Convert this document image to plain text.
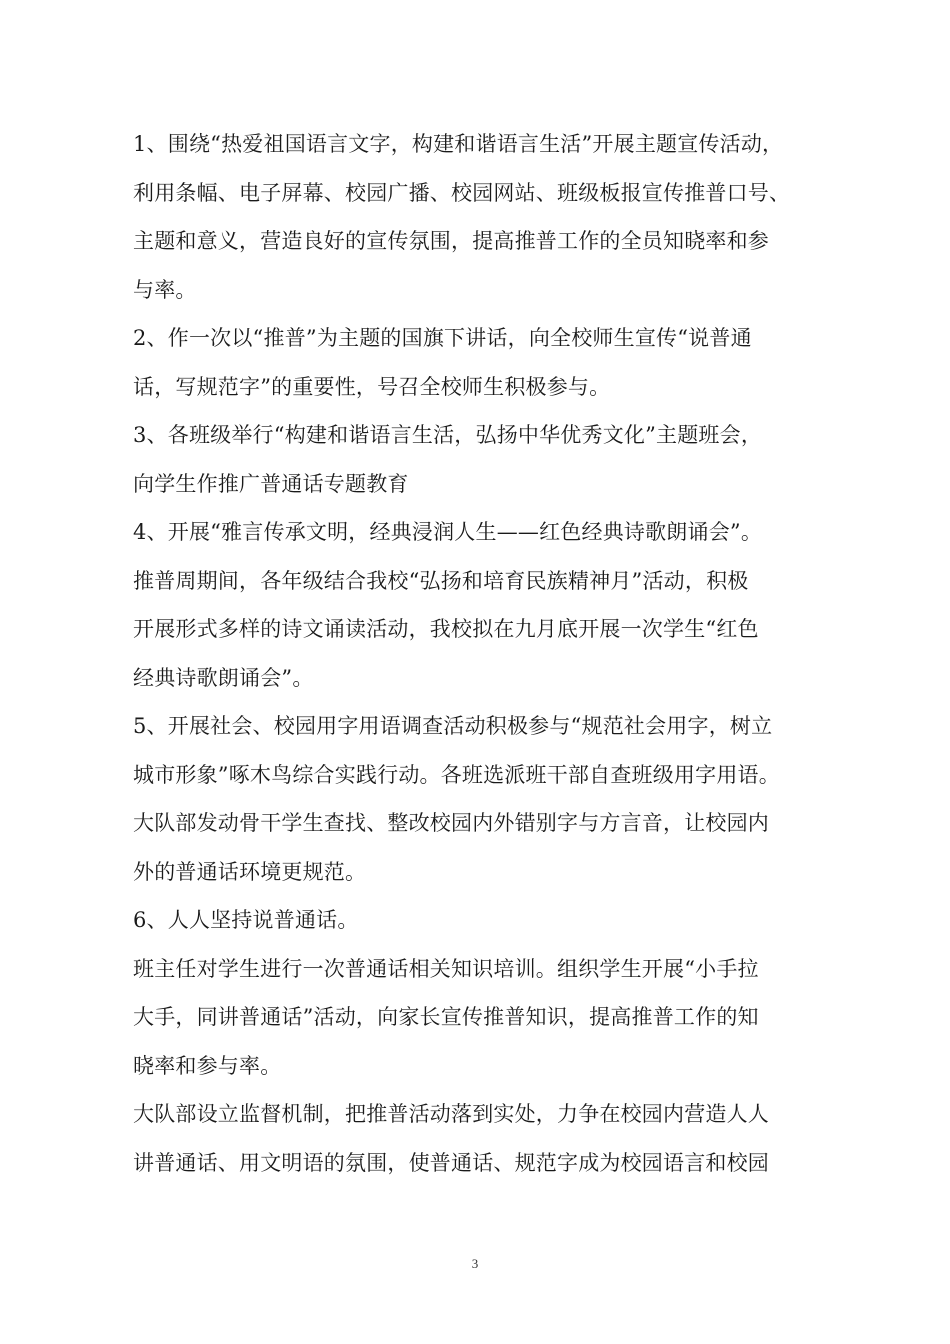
1、围绕“热爱祖国语言文字，构建和谐语言生活”开展主题宣传活动，
利用条幅、电子屏幕、校园广播、校园网站、班级板报宣传推普口号、
主题和意义，营造良好的宣传氛围，提高推普工作的全员知晓率和参
与率。
2、作一次以“推普”为主题的国旗下讲话，向全校师生宣传“说普通
话，写规范字”的重要性，号召全校师生积极参与。
3、各班级举行“构建和谐语言生活，弘扬中华优秀文化”主题班会，
向学生作推广普通话专题教育
4、开展“雅言传承文明，经典浸润人生——红色经典诗歌朗诵会”。
推普周期间，各年级结合我校“弘扬和培育民族精神月”活动，积极
开展形式多样的诗文诵读活动，我校拟在九月底开展一次学生“红色
经典诗歌朗诵会”。
5、开展社会、校园用字用语调查活动积极参与“规范社会用字，树立
城市形象”啄木鸟综合实践行动。各班选派班干部自查班级用字用语。
大队部发动骨干学生查找、整改校园内外错别字与方言音，让校园内
外的普通话环境更规范。
6、人人坚持说普通话。
班主任对学生进行一次普通话相关知识培训。组织学生开展“小手拉
大手，同讲普通话”活动，向家长宣传推普知识，提高推普工作的知
晓率和参与率。
大队部设立监督机制，把推普活动落到实处，力争在校园内营造人人
讲普通话、用文明语的氛围，使普通话、规范字成为校园语言和校园
3
